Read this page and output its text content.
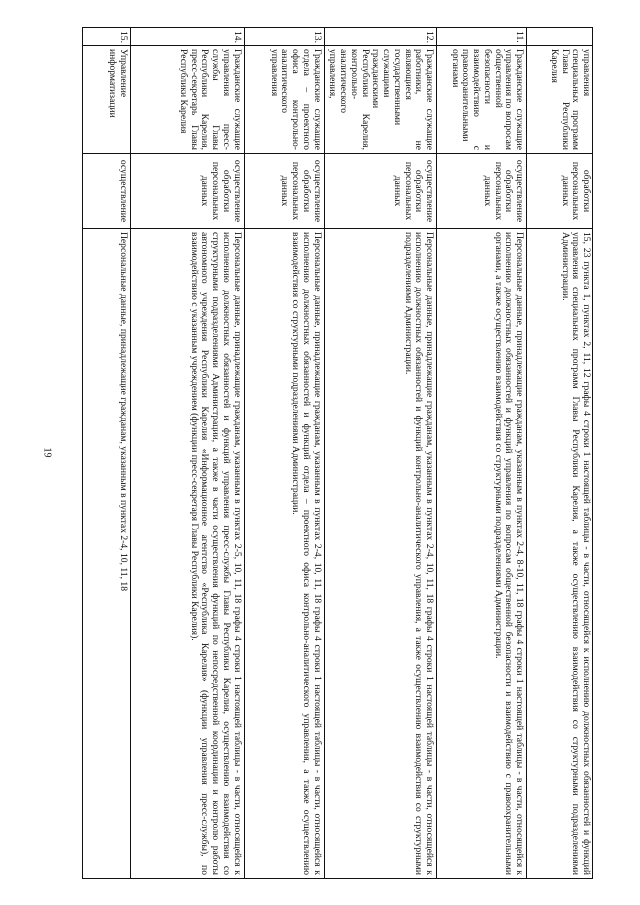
19
	управления специальных программ Главы Республики Карелия	обработки персональных данных	15, 23 пункта 1, пунктах 2, 11, 12 графы 4 строки 1 настоящей таблицы - в части, относящейся к исполнению должностных обязанностей и функций управления специальных программ Главы Республики Карелия, а также осуществлению взаимодействия со структурными подразделениями Администрации.
11.	Гражданские служащие управления по вопросам общественной безопасности и взаимодействию с правоохранительными органами	осуществление обработки персональных данных	Персональные данные, принадлежащие гражданам, указанным в пунктах 2-4, 8-10, 11, 18 графы 4 строки 1 настоящей таблицы - в части, относящейся к исполнению должностных обязанностей и функций управления по вопросам общественной безопасности и взаимодействию с правоохранительными органами, а также осуществлению взаимодействия со структурными подразделениями Администрации.
12.	Гражданские служащие работники, не являющиеся государственными служащими гражданскими Республики Карелия, контрольно-аналитического управления,	осуществление обработки персональных данных	Персональные данные, принадлежащие гражданам, указанным в пунктах 2-4, 10, 11, 18 графы 4 строки 1 настоящей таблицы - в части, относящейся к исполнению должностных обязанностей и функций контрольно-аналитического управления, а также осуществлению взаимодействия со структурными подразделениями Администрации.
13.	Гражданские служащие отдела – проектного офиса контрольно-аналитического управления	осуществление обработки персональных данных	Персональные данные, принадлежащие гражданам, указанным в пунктах 2-4, 10, 11, 18 графы 4 строки 1 настоящей таблицы - в части, относящейся к исполнению должностных обязанностей и функций отдела – проектного офиса контрольно-аналитического управления, а также осуществлению взаимодействия со структурными подразделениями Администрации.
14.	Гражданские служащие управления пресс-службы Главы Республики Карелия, пресс-секретарь Главы Республики Карелия	осуществление обработки персональных данных	Персональные данные, принадлежащие гражданам, указанным в пунктах 2-5, 10, 11, 18 графы 4 строки 1 настоящей таблицы - в части, относящейся к исполнению должностных обязанностей и функций управления пресс-службы Главы Республики Карелия, осуществлению взаимодействия со структурными подразделениями Администрации, а также в части осуществления функций по непосредственной координации и контролю работы автономного учреждения Республики Карелия «Информационное агентство «Республика Карелия» (функции управления пресс-службы), по взаимодействию с указанным учреждением (функции пресс-секретаря Главы Республики Карелия).
15.	Управление информатизации	осуществление	Персональные данные, принадлежащие гражданам, указанным в пунктах 2-4, 10, 11, 18
